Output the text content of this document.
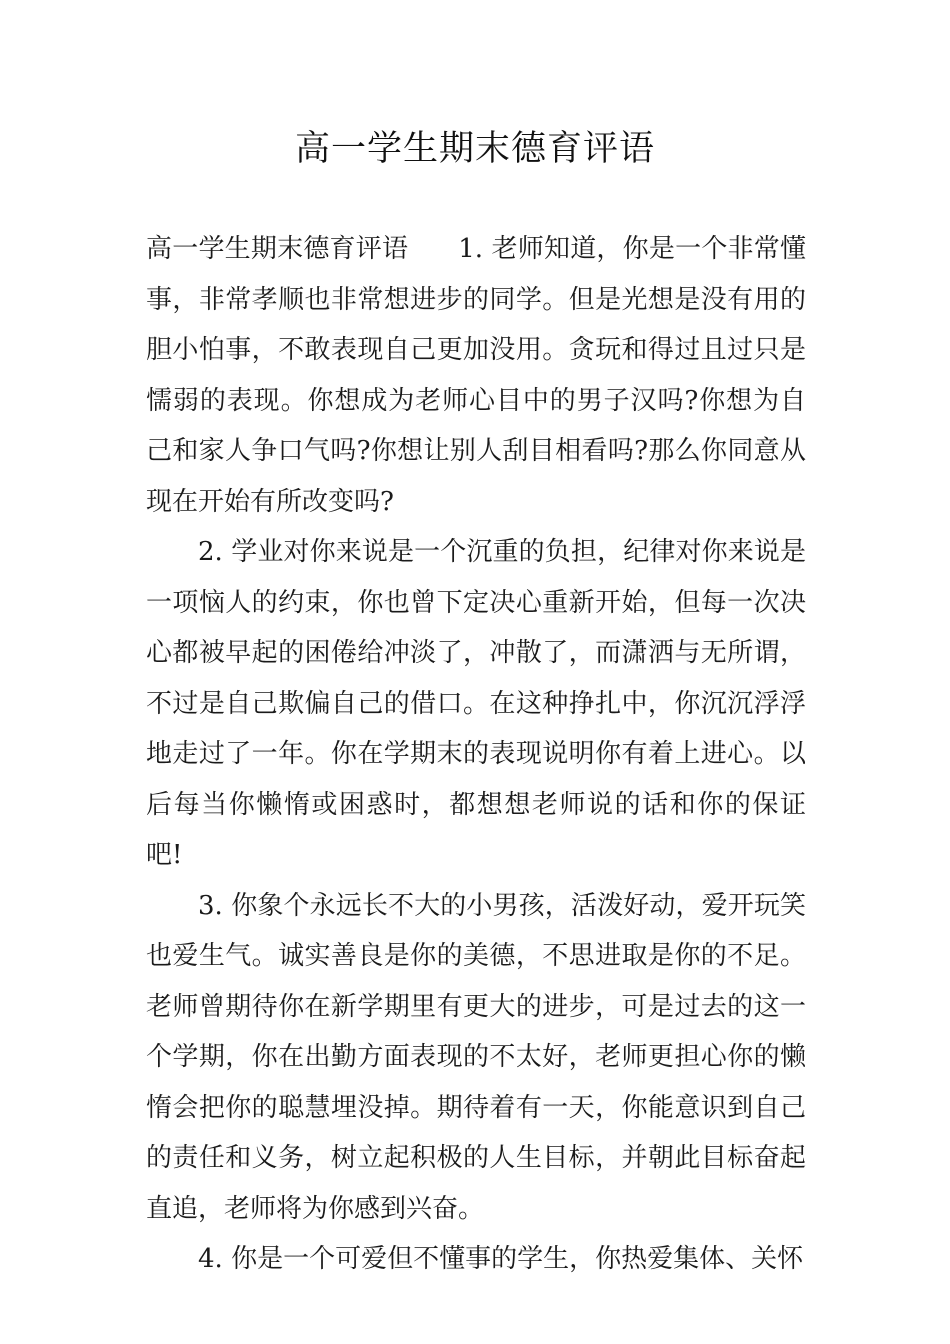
高一学生期末德育评语

高一学生期末德育评语 1. 老师知道，你是一个非常懂事，非常孝顺也非常想进步的同学。但是光想是没有用的胆小怕事，不敢表现自己更加没用。贪玩和得过且过只是懦弱的表现。你想成为老师心目中的男子汉吗?你想为自己和家人争口气吗?你想让别人刮目相看吗?那么你同意从现在开始有所改变吗?

2. 学业对你来说是一个沉重的负担，纪律对你来说是一项恼人的约束，你也曾下定决心重新开始，但每一次决心都被早起的困倦给冲淡了，冲散了，而潇洒与无所谓，不过是自己欺偏自己的借口。在这种挣扎中，你沉沉浮浮地走过了一年。你在学期末的表现说明你有着上进心。以后每当你懒惰或困惑时，都想想老师说的话和你的保证吧!

3. 你象个永远长不大的小男孩，活泼好动，爱开玩笑也爱生气。诚实善良是你的美德，不思进取是你的不足。老师曾期待你在新学期里有更大的进步，可是过去的这一个学期，你在出勤方面表现的不太好，老师更担心你的懒惰会把你的聪慧埋没掉。期待着有一天，你能意识到自己的责任和义务，树立起积极的人生目标，并朝此目标奋起直追，老师将为你感到兴奋。

4. 你是一个可爱但不懂事的学生，你热爱集体、关怀
